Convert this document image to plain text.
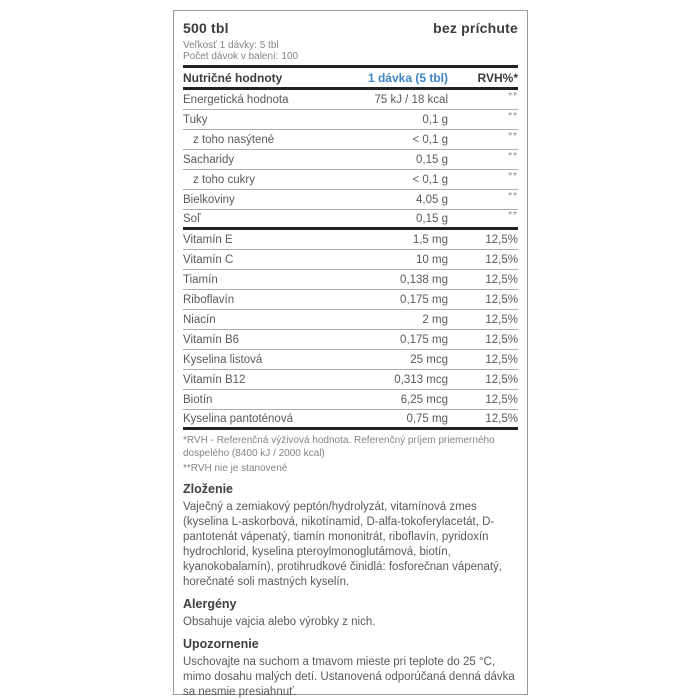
500 tbl	bez príchute
Veľkosť 1 dávky: 5 tbl
Počet dávok v balení: 100
Nutričné hodnoty	1 dávka (5 tbl)	RVH%*
Energetická hodnota	75 kJ / 18 kcal	**
Tuky	0,1 g	**
z toho nasýtené	< 0,1 g	**
Sacharidy	0,15 g	**
z toho cukry	< 0,1 g	**
Bielkoviny	4,05 g	**
Soľ	0,15 g	**
Vitamín E	1,5 mg	12,5%
Vitamín C	10 mg	12,5%
Tiamín	0,138 mg	12,5%
Riboflavín	0,175 mg	12,5%
Niacín	2 mg	12,5%
Vitamín B6	0,175 mg	12,5%
Kyselina listová	25 mcg	12,5%
Vitamín B12	0,313 mcg	12,5%
Biotín	6,25 mcg	12,5%
Kyselina pantoténová	0,75 mg	12,5%
*RVH - Referenčná výživová hodnota. Referenčný príjem priemerného dospelého (8400 kJ / 2000 kcal)
**RVH nie je stanovené
Zloženie
Vaječný a zemiakový peptón/hydrolyzát, vitamínová zmes (kyselina L-askorbová, nikotínamid, D-alfa-tokoferylacetát, D-pantotenát vápenatý, tiamín mononitrát, riboflavín, pyridoxín hydrochlorid, kyselina pteroylmonoglutámová, biotín, kyanokobalamín), protihrudkové činidlá: fosforečnan vápenatý, horečnaté soli mastných kyselín.
Alergény
Obsahuje vajcia alebo výrobky z nich.
Upozornenie
Uschovajte na suchom a tmavom mieste pri teplote do 25 °C, mimo dosahu malých detí. Ustanovená odporúčaná denná dávka sa nesmie presiahnuť.
